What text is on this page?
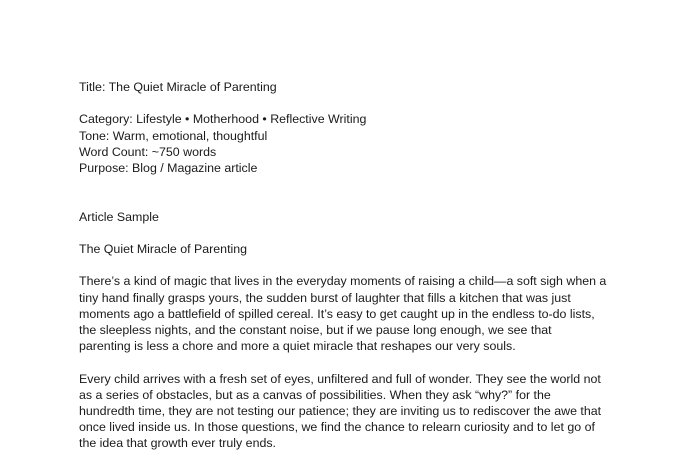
Title: The Quiet Miracle of Parenting
Category: Lifestyle • Motherhood • Reflective Writing
Tone: Warm, emotional, thoughtful
Word Count: ~750 words
Purpose: Blog / Magazine article
Article Sample
The Quiet Miracle of Parenting
There’s a kind of magic that lives in the everyday moments of raising a child—a soft sigh when a
tiny hand finally grasps yours, the sudden burst of laughter that fills a kitchen that was just
moments ago a battlefield of spilled cereal. It’s easy to get caught up in the endless to-do lists,
the sleepless nights, and the constant noise, but if we pause long enough, we see that
parenting is less a chore and more a quiet miracle that reshapes our very souls.
Every child arrives with a fresh set of eyes, unfiltered and full of wonder. They see the world not
as a series of obstacles, but as a canvas of possibilities. When they ask “why?” for the
hundredth time, they are not testing our patience; they are inviting us to rediscover the awe that
once lived inside us. In those questions, we find the chance to relearn curiosity and to let go of
the idea that growth ever truly ends.
